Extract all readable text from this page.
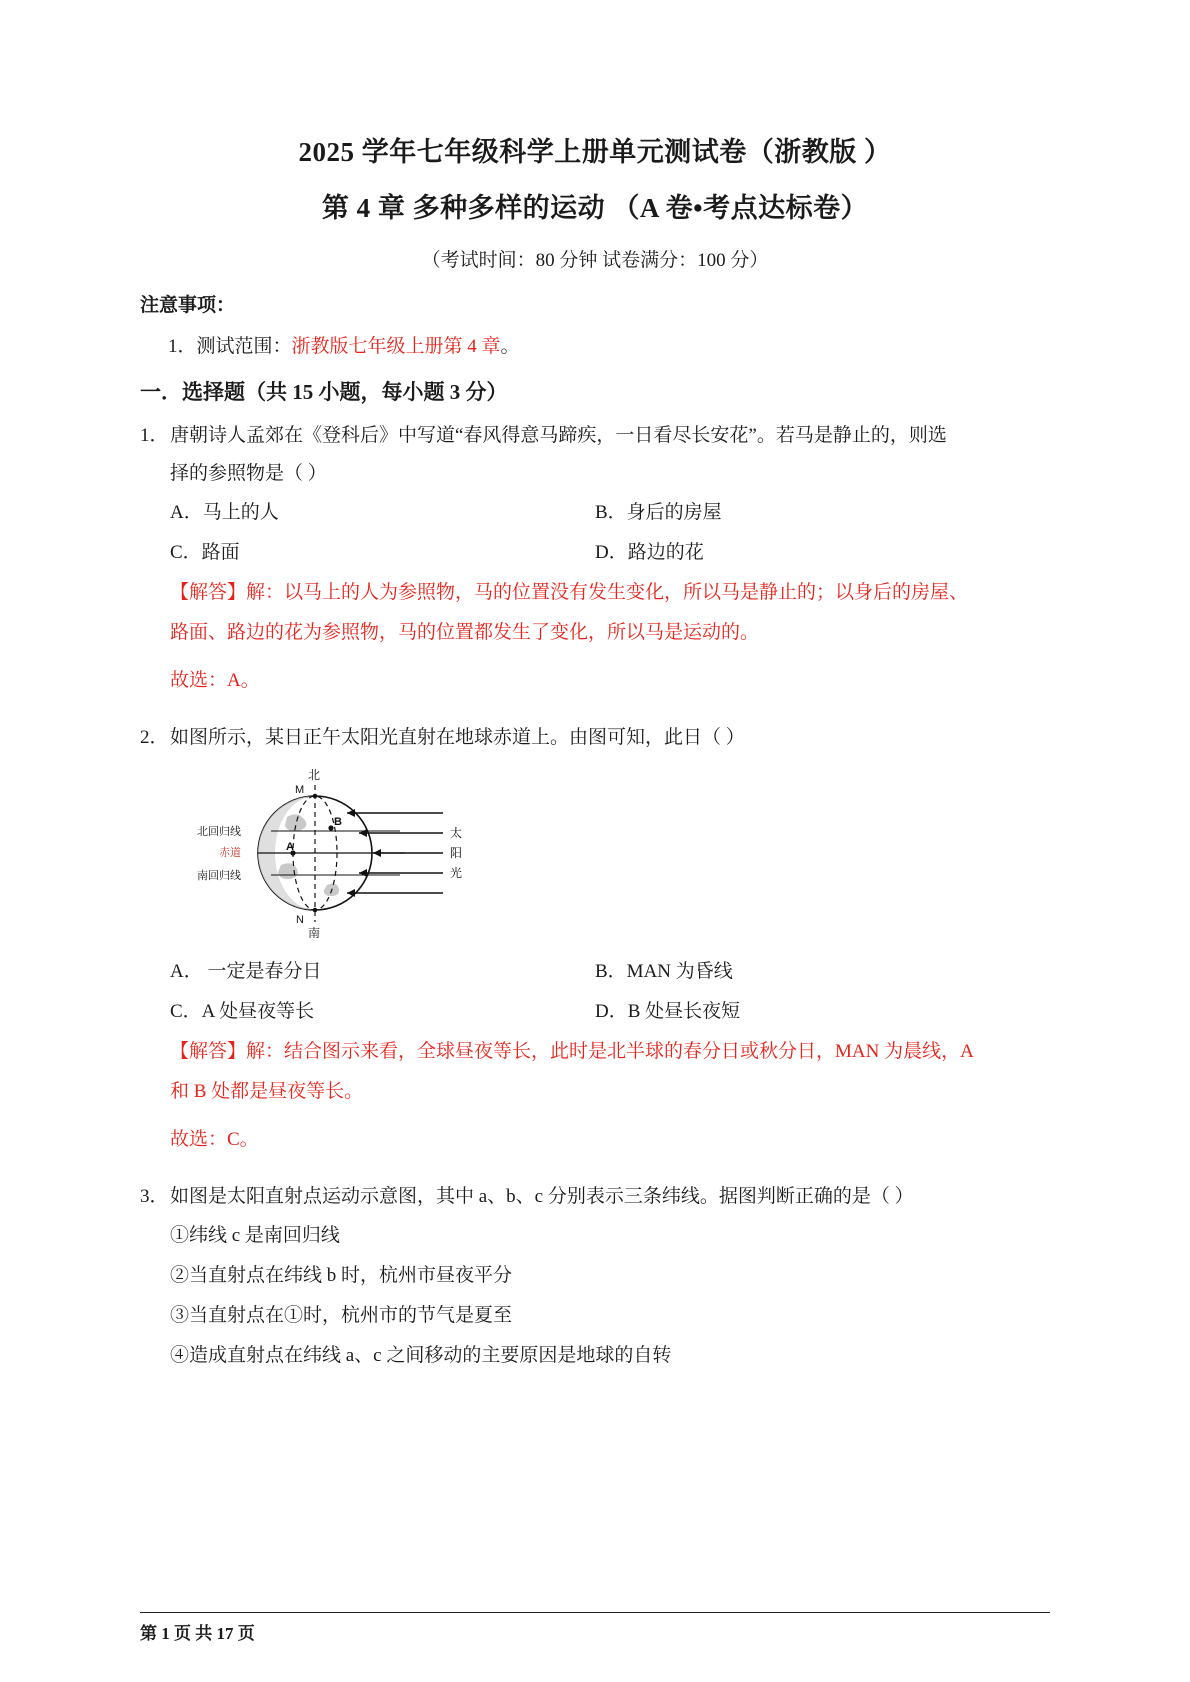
2025 学年七年级科学上册单元测试卷（浙教版 ）
第 4 章 多种多样的运动 （A 卷•考点达标卷）

（考试时间：80 分钟 试卷满分：100 分）

注意事项：

1．测试范围：浙教版七年级上册第 4 章。

一．选择题（共 15 小题，每小题 3 分）

1． 唐朝诗人孟郊在《登科后》中写道“春风得意马蹄疾，一日看尽长安花”。若马是静止的，则选
择的参照物是（ ）
A．马上的人	B．身后的房屋
C．路面	D．路边的花
【解答】解：以马上的人为参照物，马的位置没有发生变化，所以马是静止的；以身后的房屋、
路面、路边的花为参照物，马的位置都发生了变化，所以马是运动的。
故选：A。
2． 如图所示，某日正午太阳光直射在地球赤道上。由图可知，此日（ ）
北
南
M
N
A
B
北回归线
赤道
南回归线
太
阳
光
A． 一定是春分日	B．MAN 为昏线
C．A 处昼夜等长	D．B 处昼长夜短
【解答】解：结合图示来看，全球昼夜等长，此时是北半球的春分日或秋分日，MAN 为晨线，A
和 B 处都是昼夜等长。
故选：C。
3． 如图是太阳直射点运动示意图，其中 a、b、c 分别表示三条纬线。据图判断正确的是（ ）
①纬线 c 是南回归线
②当直射点在纬线 b 时，杭州市昼夜平分
③当直射点在①时，杭州市的节气是夏至
④造成直射点在纬线 a、c 之间移动的主要原因是地球的自转
第 1 页 共 17 页
